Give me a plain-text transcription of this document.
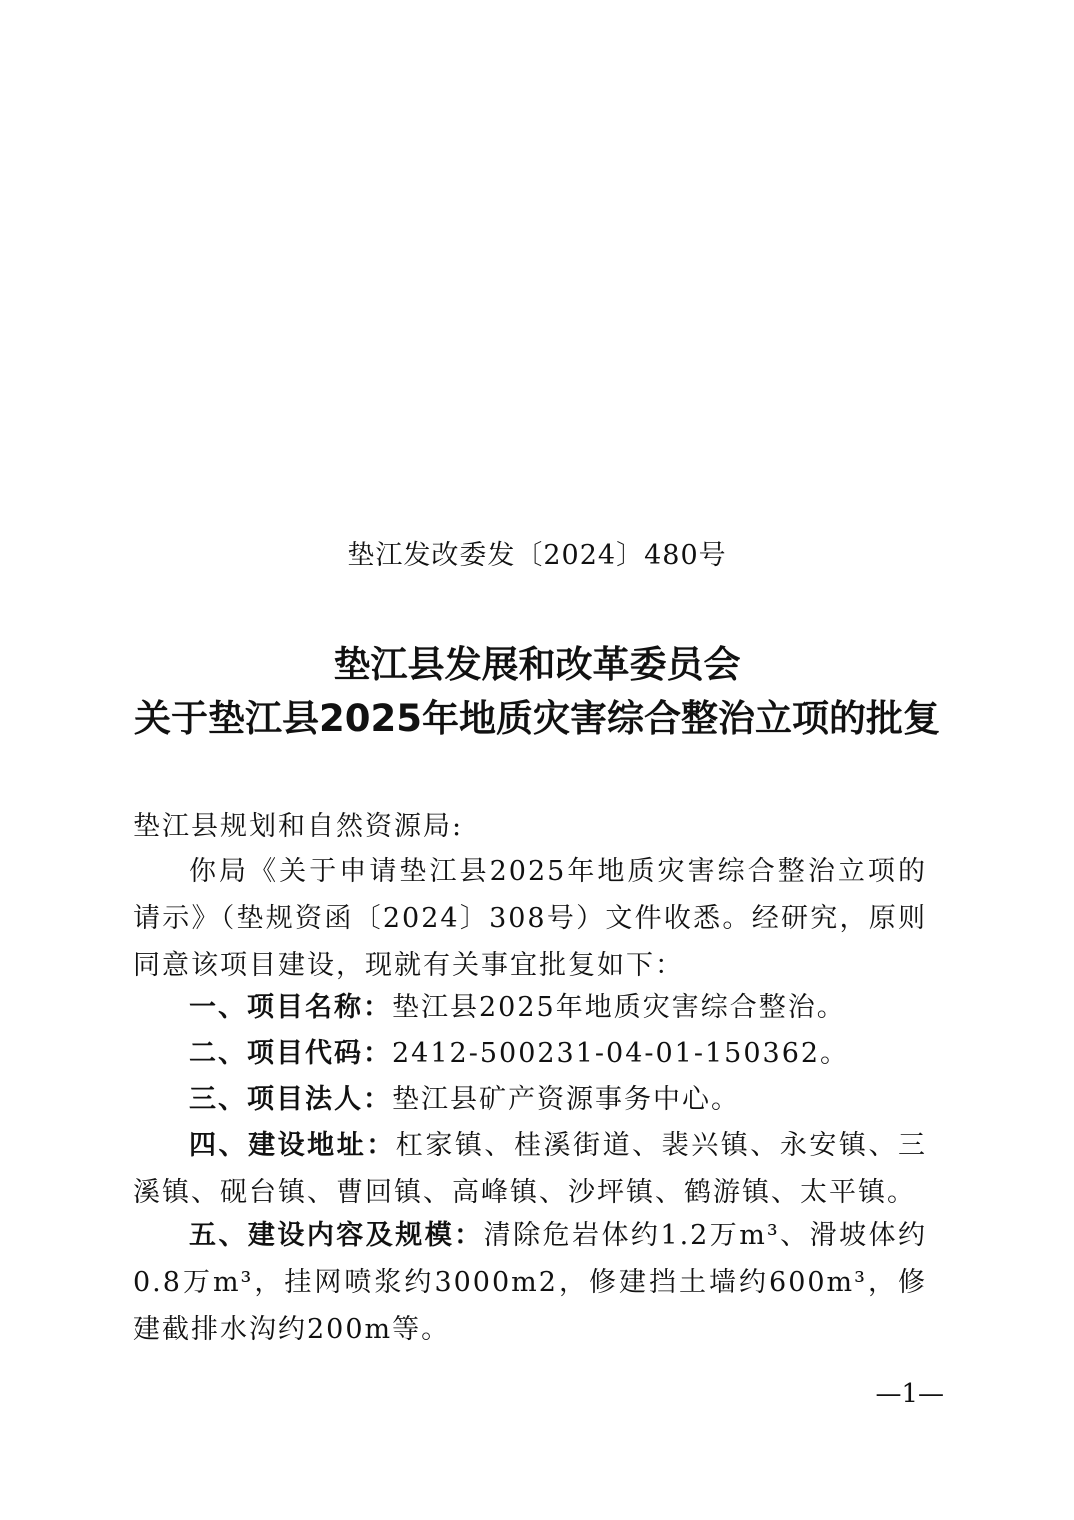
垫江发改委发〔2024〕480号
垫江县发展和改革委员会
关于垫江县2025年地质灾害综合整治立项的批复
垫江县规划和自然资源局:
你局《关于申请垫江县2025年地质灾害综合整治立项的请示》（垫规资函〔2024〕308号）文件收悉。经研究，原则同意该项目建设，现就有关事宜批复如下：
一、项目名称：垫江县2025年地质灾害综合整治。
二、项目代码：2412-500231-04-01-150362。
三、项目法人：垫江县矿产资源事务中心。
四、建设地址：杠家镇、桂溪街道、裴兴镇、永安镇、三溪镇、砚台镇、曹回镇、高峰镇、沙坪镇、鹤游镇、太平镇。
五、建设内容及规模：清除危岩体约1.2万m³、滑坡体约0.8万m³，挂网喷浆约3000m2，修建挡土墙约600m³，修建截排水沟约200m等。
—1—
